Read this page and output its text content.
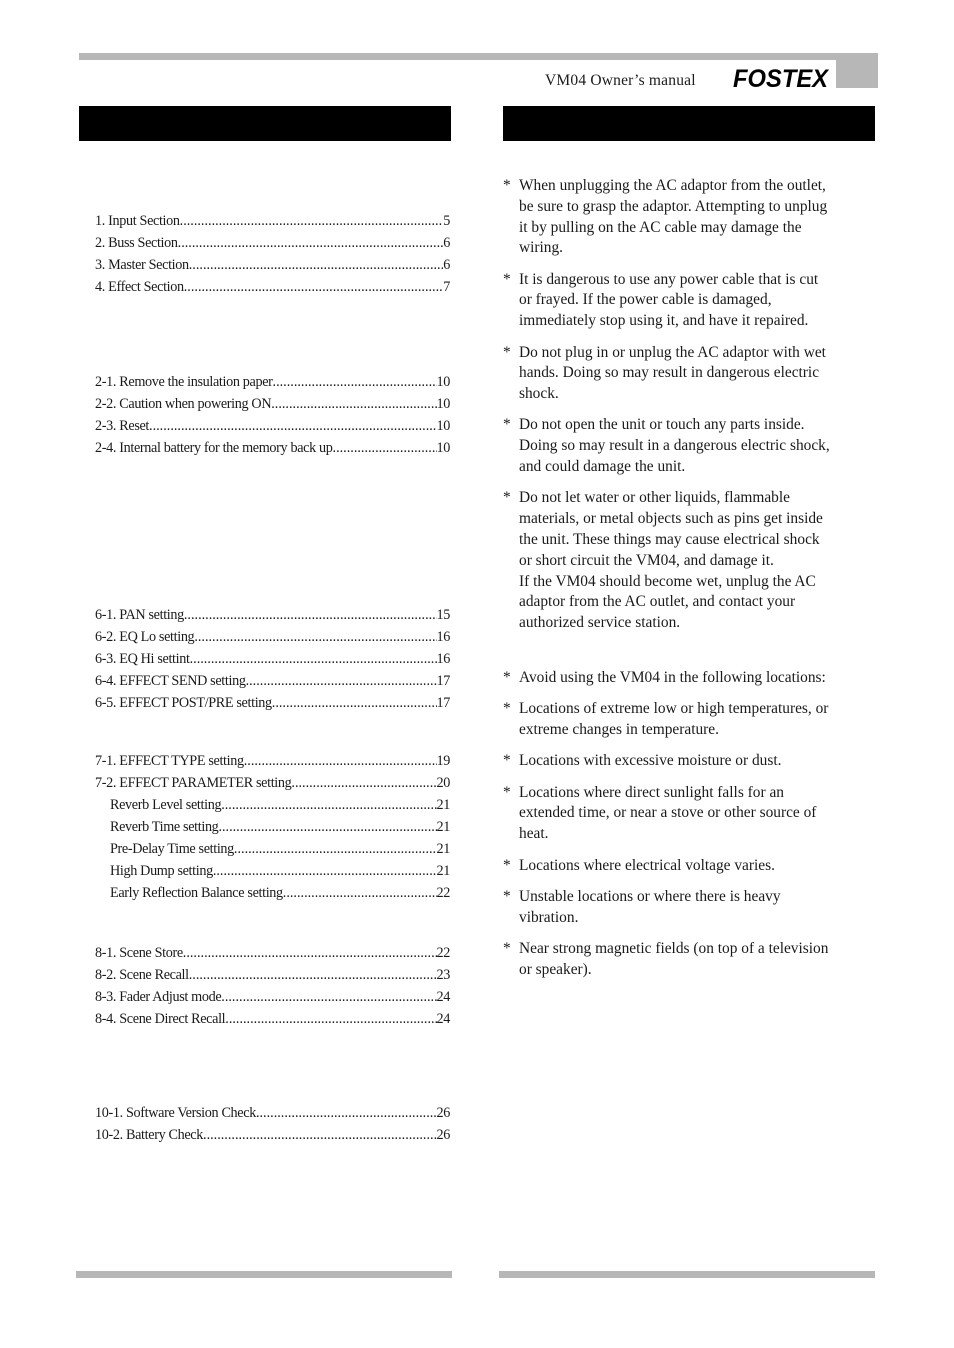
VM04 Owner’s manual FOSTEX
1. Input Section .....	5
2. Buss Section .....	6
3. Master Section .....	6
4. Effect Section .....	7
2-1. Remove the insulation paper .....	10
2-2. Caution when powering ON .....	10
2-3. Reset .....	10
2-4. Internal battery for the memory back up .....	10
6-1. PAN setting .....	15
6-2. EQ Lo setting .....	16
6-3. EQ Hi settint .....	16
6-4. EFFECT SEND setting .....	17
6-5. EFFECT POST/PRE setting .....	17
7-1. EFFECT TYPE setting .....	19
7-2. EFFECT PARAMETER setting .....	20
Reverb Level setting .....	21
Reverb Time setting .....	21
Pre-Delay Time setting .....	21
High Dump setting .....	21
Early Reflection Balance setting .....	22
8-1. Scene Store .....	22
8-2. Scene Recall .....	23
8-3. Fader Adjust mode .....	24
8-4. Scene Direct Recall .....	24
10-1. Software Version Check .....	26
10-2. Battery Check .....	26
* When unplugging the AC adaptor from the outlet,
be sure to grasp the adaptor. Attempting to unplug
it by pulling on the AC cable may damage the
wiring.
* It is dangerous to use any power cable that is cut
or frayed. If the power cable is damaged,
immediately stop using it, and have it repaired.
* Do not plug in or unplug the AC adaptor with wet
hands. Doing so may result in dangerous electric
shock.
* Do not open the unit or touch any parts inside.
Doing so may result in a dangerous electric shock,
and could damage the unit.
* Do not let water or other liquids, flammable
materials, or metal objects such as pins get inside
the unit. These things may cause electrical shock
or short circuit the VM04, and damage it.
If the VM04 should become wet, unplug the AC
adaptor from the AC outlet, and contact your
authorized service station.
* Avoid using the VM04 in the following locations:
* Locations of extreme low or high temperatures, or
extreme changes in temperature.
* Locations with excessive moisture or dust.
* Locations where direct sunlight falls for an
extended time, or near a stove or other source of
heat.
* Locations where electrical voltage varies.
* Unstable locations or where there is heavy
vibration.
* Near strong magnetic fields (on top of a television
or speaker).
